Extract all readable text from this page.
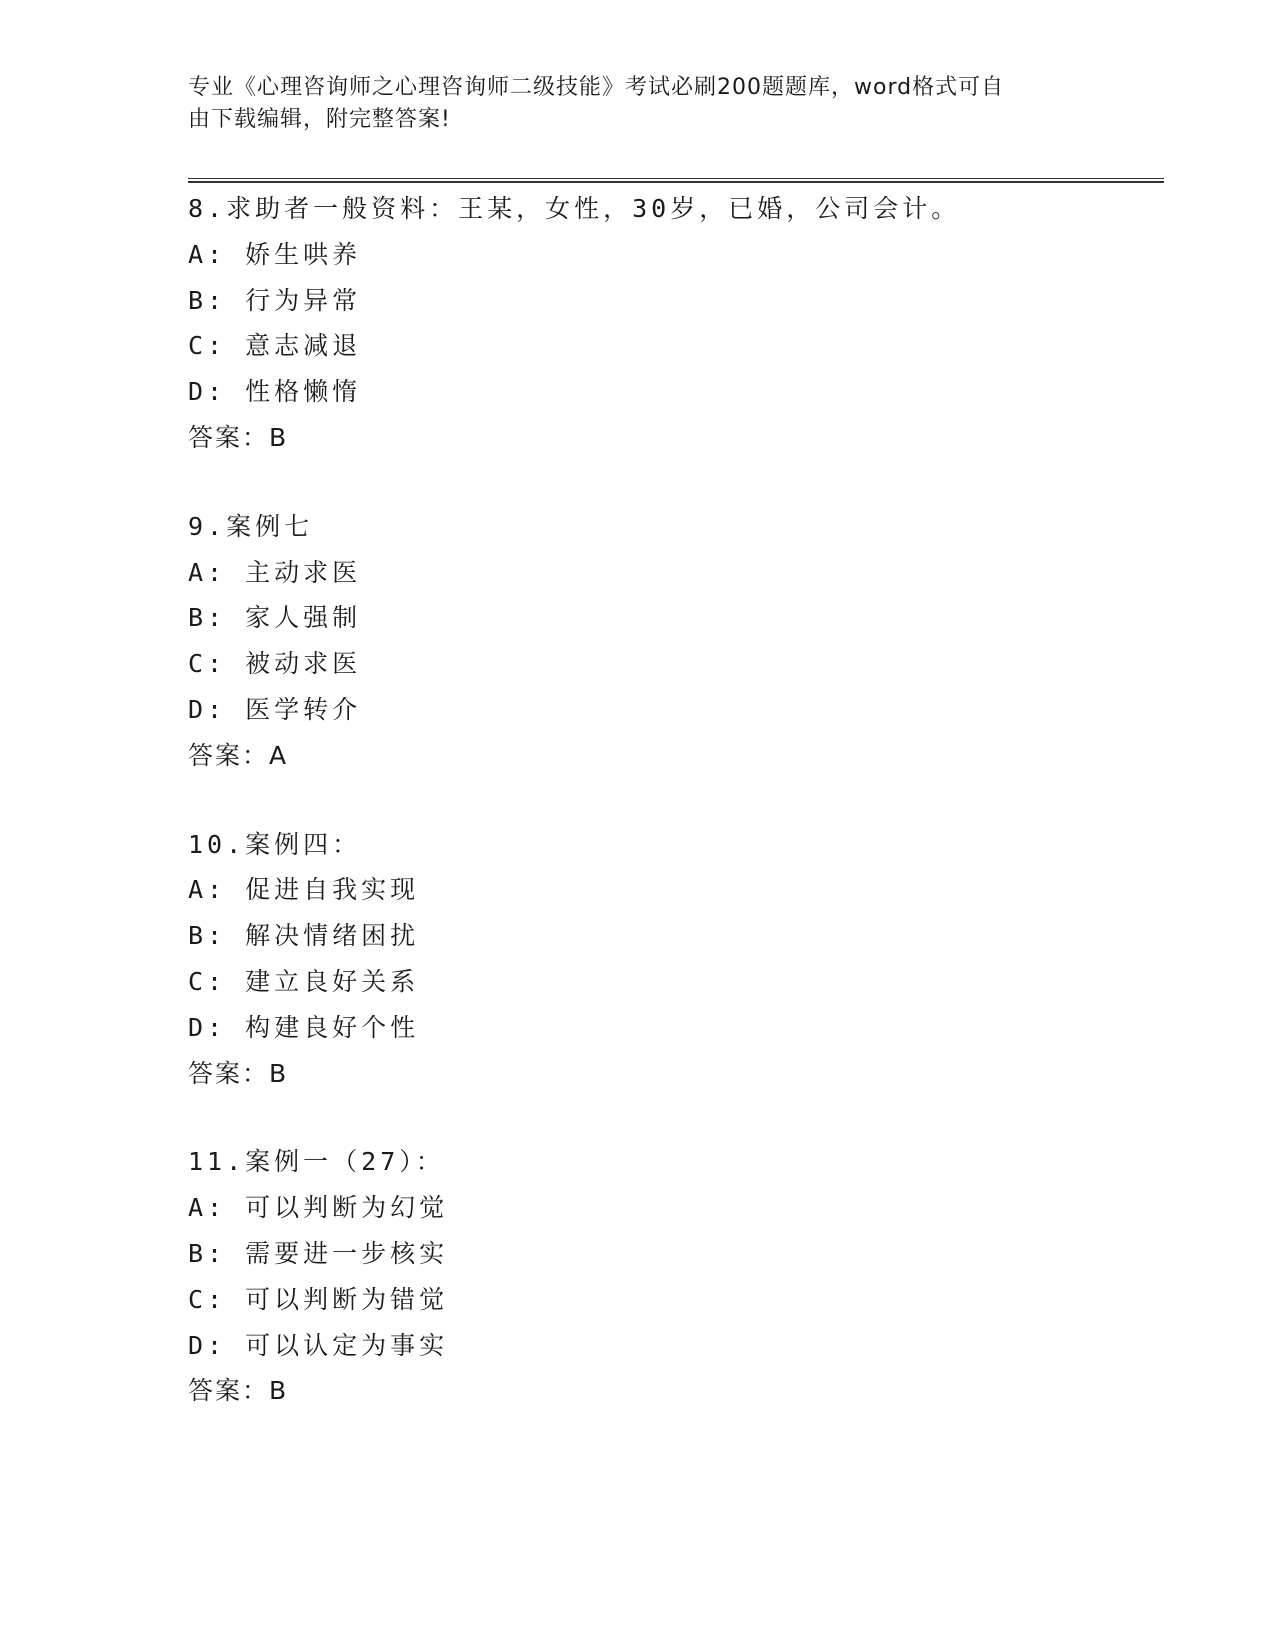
专业《心理咨询师之心理咨询师二级技能》考试必刷200题题库，word格式可自
由下载编辑，附完整答案!
8.求助者一般资料：王某，女性，30岁，已婚，公司会计。
A: 娇生哄养
B: 行为异常
C: 意志减退
D: 性格懒惰
答案：B
9.案例七
A: 主动求医
B: 家人强制
C: 被动求医
D: 医学转介
答案：A
10.案例四：
A: 促进自我实现
B: 解决情绪困扰
C: 建立良好关系
D: 构建良好个性
答案：B
11.案例一（27）：
A: 可以判断为幻觉
B: 需要进一步核实
C: 可以判断为错觉
D: 可以认定为事实
答案：B
